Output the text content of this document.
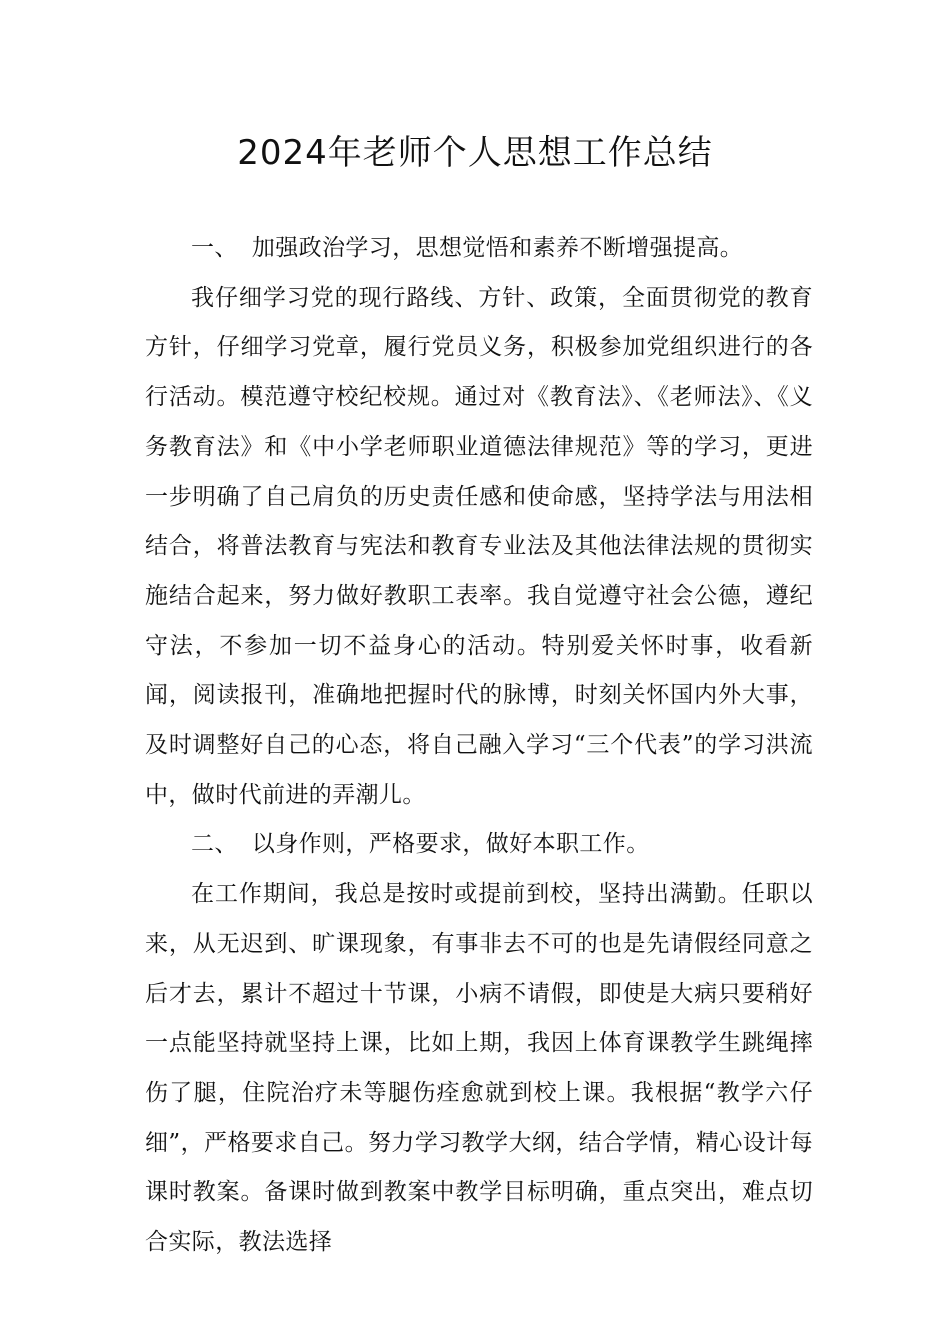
2024年老师个人思想工作总结

一、 加强政治学习，思想觉悟和素养不断增强提高。

我仔细学习党的现行路线、方针、政策，全面贯彻党的教育方针，仔细学习党章，履行党员义务，积极参加党组织进行的各行活动。模范遵守校纪校规。通过对《教育法》、《老师法》、《义务教育法》和《中小学老师职业道德法律规范》等的学习，更进一步明确了自己肩负的历史责任感和使命感，坚持学法与用法相结合，将普法教育与宪法和教育专业法及其他法律法规的贯彻实施结合起来，努力做好教职工表率。我自觉遵守社会公德，遵纪守法，不参加一切不益身心的活动。特别爱关怀时事，收看新闻，阅读报刊，准确地把握时代的脉博，时刻关怀国内外大事，及时调整好自己的心态，将自己融入学习“三个代表”的学习洪流中，做时代前进的弄潮儿。

二、 以身作则，严格要求，做好本职工作。

在工作期间，我总是按时或提前到校，坚持出满勤。任职以来，从无迟到、旷课现象，有事非去不可的也是先请假经同意之后才去，累计不超过十节课，小病不请假，即使是大病只要稍好一点能坚持就坚持上课，比如上期，我因上体育课教学生跳绳摔伤了腿，住院治疗未等腿伤痊愈就到校上课。我根据“教学六仔细”，严格要求自己。努力学习教学大纲，结合学情，精心设计每课时教案。备课时做到教案中教学目标明确，重点突出，难点切合实际，教法选择
